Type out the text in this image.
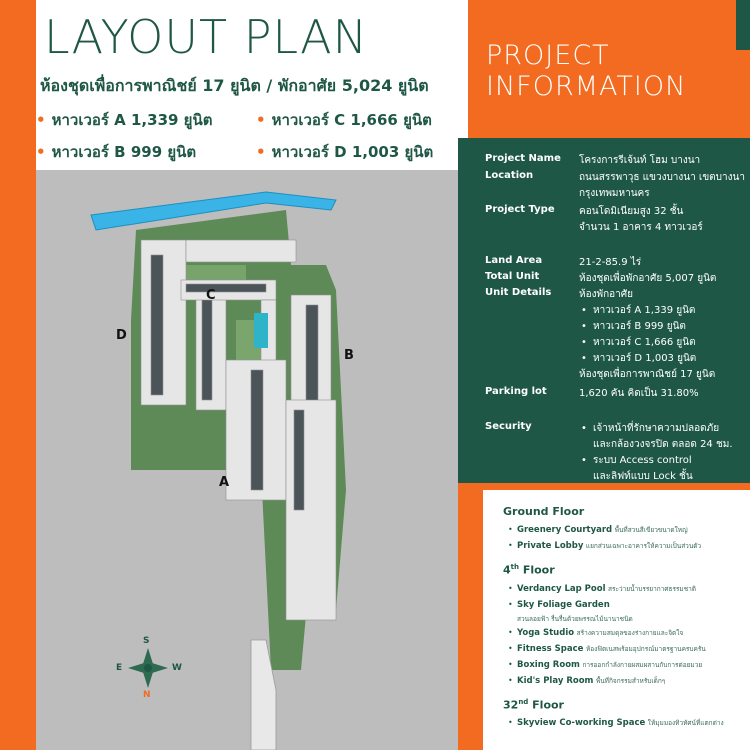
LAYOUT PLAN
ห้องชุดเพื่อการพาณิชย์ 17 ยูนิต / พักอาศัย 5,024 ยูนิต
• หาวเวอร์ A 1,339 ยูนิต	• หาวเวอร์ C 1,666 ยูนิต
• หาวเวอร์ B 999 ยูนิต	• หาวเวอร์ D 1,003 ยูนิต
A
B
C
D
S
N
E	W
PROJECT
INFORMATION
Project Name	โครงการรีเจ้นท์ โฮม บางนา
Location	ถนนสรรพาวุธ แขวงบางนา เขตบางนา
กรุงเทพมหานคร
Project Type	คอนโดมิเนียมสูง 32 ชั้น
จำนวน 1 อาคาร 4 ทาวเวอร์
Land Area	21-2-85.9 ไร่
Total Unit	ห้องชุดเพื่อพักอาศัย 5,007 ยูนิต
Unit Details	ห้องพักอาศัย
• หาวเวอร์ A 1,339 ยูนิต
• หาวเวอร์ B 999 ยูนิต
• หาวเวอร์ C 1,666 ยูนิต
• หาวเวอร์ D 1,003 ยูนิต
ห้องชุดเพื่อการพาณิชย์ 17 ยูนิต
Parking lot	1,620 คัน คิดเป็น 31.80%
Security
•	เจ้าหน้าที่รักษาความปลอดภัย
และกล้องวงจรปิด ตลอด 24 ชม.
• ระบบ Access control
และลิฟท์แบบ Lock ชั้น
Ground Floor
• Greenery Courtyard พื้นที่สวนสีเขียวขนาดใหญ่
• Private Lobby แยกส่วนเฉพาะอาคารให้ความเป็นส่วนตัว
4th Floor
• Verdancy Lap Pool สระว่ายน้ำบรรยากาศธรรมชาติ
• Sky Foliage Garden
สวนลอยฟ้า รื่นรื่นด้วยพรรณไม้นานาชนิด
• Yoga Studio สร้างความสมดุลของร่างกายและจิตใจ
• Fitness Space ห้องฟิตเนสพร้อมอุปกรณ์มาตรฐานครบครัน
• Boxing Room การออกกำลังกายผสมผสานกับการต่อยมวย
• Kid's Play Room พื้นที่กิจกรรมสำหรับเด็กๆ
32nd Floor
• Skyview Co-working Space ให้มุมมองทิวทัศน์ที่แตกต่าง
